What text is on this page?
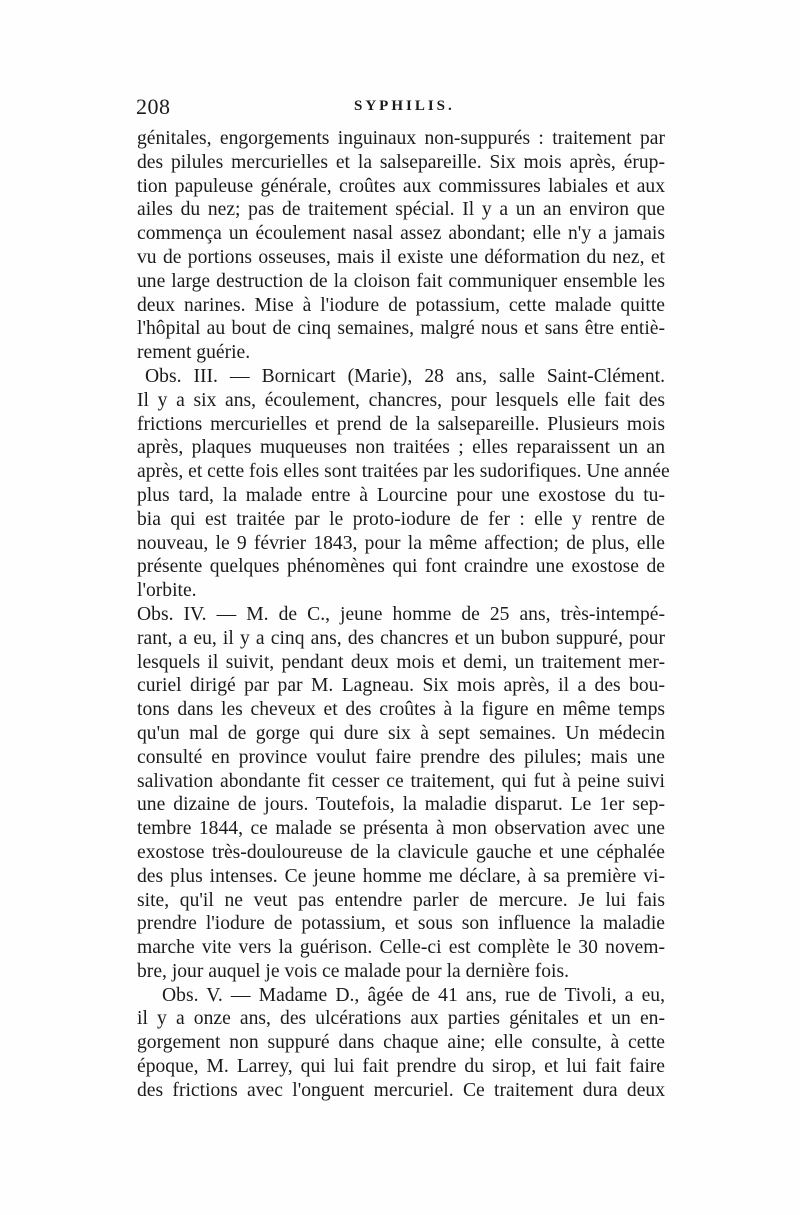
208	SYPHILIS.
génitales, engorgements inguinaux non-suppurés : traitement par
des pilules mercurielles et la salsepareille. Six mois après, érup-
tion papuleuse générale, croûtes aux commissures labiales et aux
ailes du nez; pas de traitement spécial. Il y a un an environ que
commença un écoulement nasal assez abondant; elle n'y a jamais
vu de portions osseuses, mais il existe une déformation du nez, et
une large destruction de la cloison fait communiquer ensemble les
deux narines. Mise à l'iodure de potassium, cette malade quitte
l'hôpital au bout de cinq semaines, malgré nous et sans être entiè-
rement guérie.
Obs. III. — Bornicart (Marie), 28 ans, salle Saint-Clément.
Il y a six ans, écoulement, chancres, pour lesquels elle fait des
frictions mercurielles et prend de la salsepareille. Plusieurs mois
après, plaques muqueuses non traitées ; elles reparaissent un an
après, et cette fois elles sont traitées par les sudorifiques. Une année
plus tard, la malade entre à Lourcine pour une exostose du tu-
bia qui est traitée par le proto-iodure de fer : elle y rentre de
nouveau, le 9 février 1843, pour la même affection; de plus, elle
présente quelques phénomènes qui font craindre une exostose de
l'orbite.
Obs. IV. — M. de C., jeune homme de 25 ans, très-intempé-
rant, a eu, il y a cinq ans, des chancres et un bubon suppuré, pour
lesquels il suivit, pendant deux mois et demi, un traitement mer-
curiel dirigé par par M. Lagneau. Six mois après, il a des bou-
tons dans les cheveux et des croûtes à la figure en même temps
qu'un mal de gorge qui dure six à sept semaines. Un médecin
consulté en province voulut faire prendre des pilules; mais une
salivation abondante fit cesser ce traitement, qui fut à peine suivi
une dizaine de jours. Toutefois, la maladie disparut. Le 1er sep-
tembre 1844, ce malade se présenta à mon observation avec une
exostose très-douloureuse de la clavicule gauche et une céphalée
des plus intenses. Ce jeune homme me déclare, à sa première vi-
site, qu'il ne veut pas entendre parler de mercure. Je lui fais
prendre l'iodure de potassium, et sous son influence la maladie
marche vite vers la guérison. Celle-ci est complète le 30 novem-
bre, jour auquel je vois ce malade pour la dernière fois.
Obs. V. — Madame D., âgée de 41 ans, rue de Tivoli, a eu,
il y a onze ans, des ulcérations aux parties génitales et un en-
gorgement non suppuré dans chaque aine; elle consulte, à cette
époque, M. Larrey, qui lui fait prendre du sirop, et lui fait faire
des frictions avec l'onguent mercuriel. Ce traitement dura deux
